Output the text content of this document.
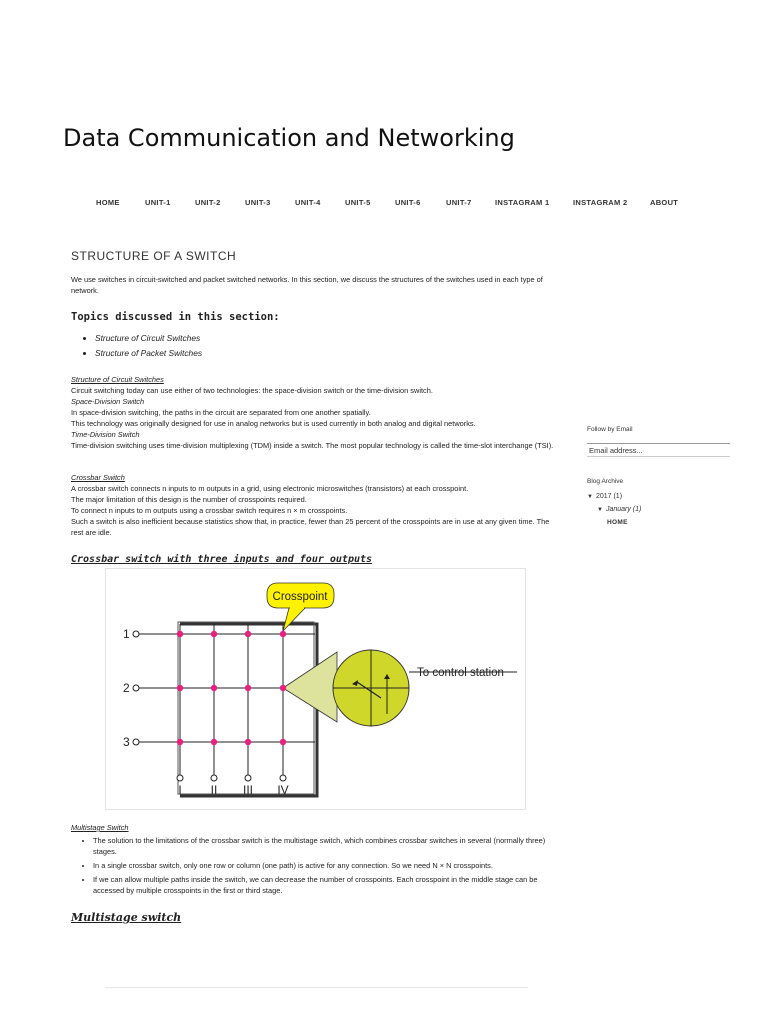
Data Communication and Networking
HOME	UNIT-1	UNIT-2	UNIT-3	UNIT-4	UNIT-5	UNIT-6	UNIT-7	INSTAGRAM 1	INSTAGRAM 2	ABOUT
STRUCTURE OF A SWITCH

We use switches in circuit-switched and packet switched networks. In this section, we discuss the structures of the switches used in each type of network.

Topics discussed in this section:
• Structure of Circuit Switches
• Structure of Packet Switches
Structure of Circuit Switches
Circuit switching today can use either of two technologies: the space-division switch or the time-division switch.
Space-Division Switch
In space-division switching, the paths in the circuit are separated from one another spatially.
This technology was originally designed for use in analog networks but is used currently in both analog and digital networks.
Time-Division Switch
Time-division switching uses time-division multiplexing (TDM) inside a switch. The most popular technology is called the time-slot interchange (TSI).
Crossbar Switch
A crossbar switch connects n inputs to m outputs in a grid, using electronic microswitches (transistors) at each crosspoint.
The major limitation of this design is the number of crosspoints required.
To connect n inputs to m outputs using a crossbar switch requires n × m crosspoints.
Such a switch is also inefficient because statistics show that, in practice, fewer than 25 percent of the crosspoints are in use at any given time. The rest are idle.
Crossbar switch with three inputs and four outputs
1
2
3
I II III IV
To control station
Crosspoint
Multistage Switch
• The solution to the limitations of the crossbar switch is the multistage switch, which combines crossbar switches in several (normally three) stages.
• In a single crossbar switch, only one row or column (one path) is active for any connection. So we need N × N crosspoints.
• If we can allow multiple paths inside the switch, we can decrease the number of crosspoints. Each crosspoint in the middle stage can be accessed by multiple crosspoints in the first or third stage.
Multistage switch
Follow by Email
Email address...
Blog Archive
▼ 2017 (1)
▼ January (1)
HOME
